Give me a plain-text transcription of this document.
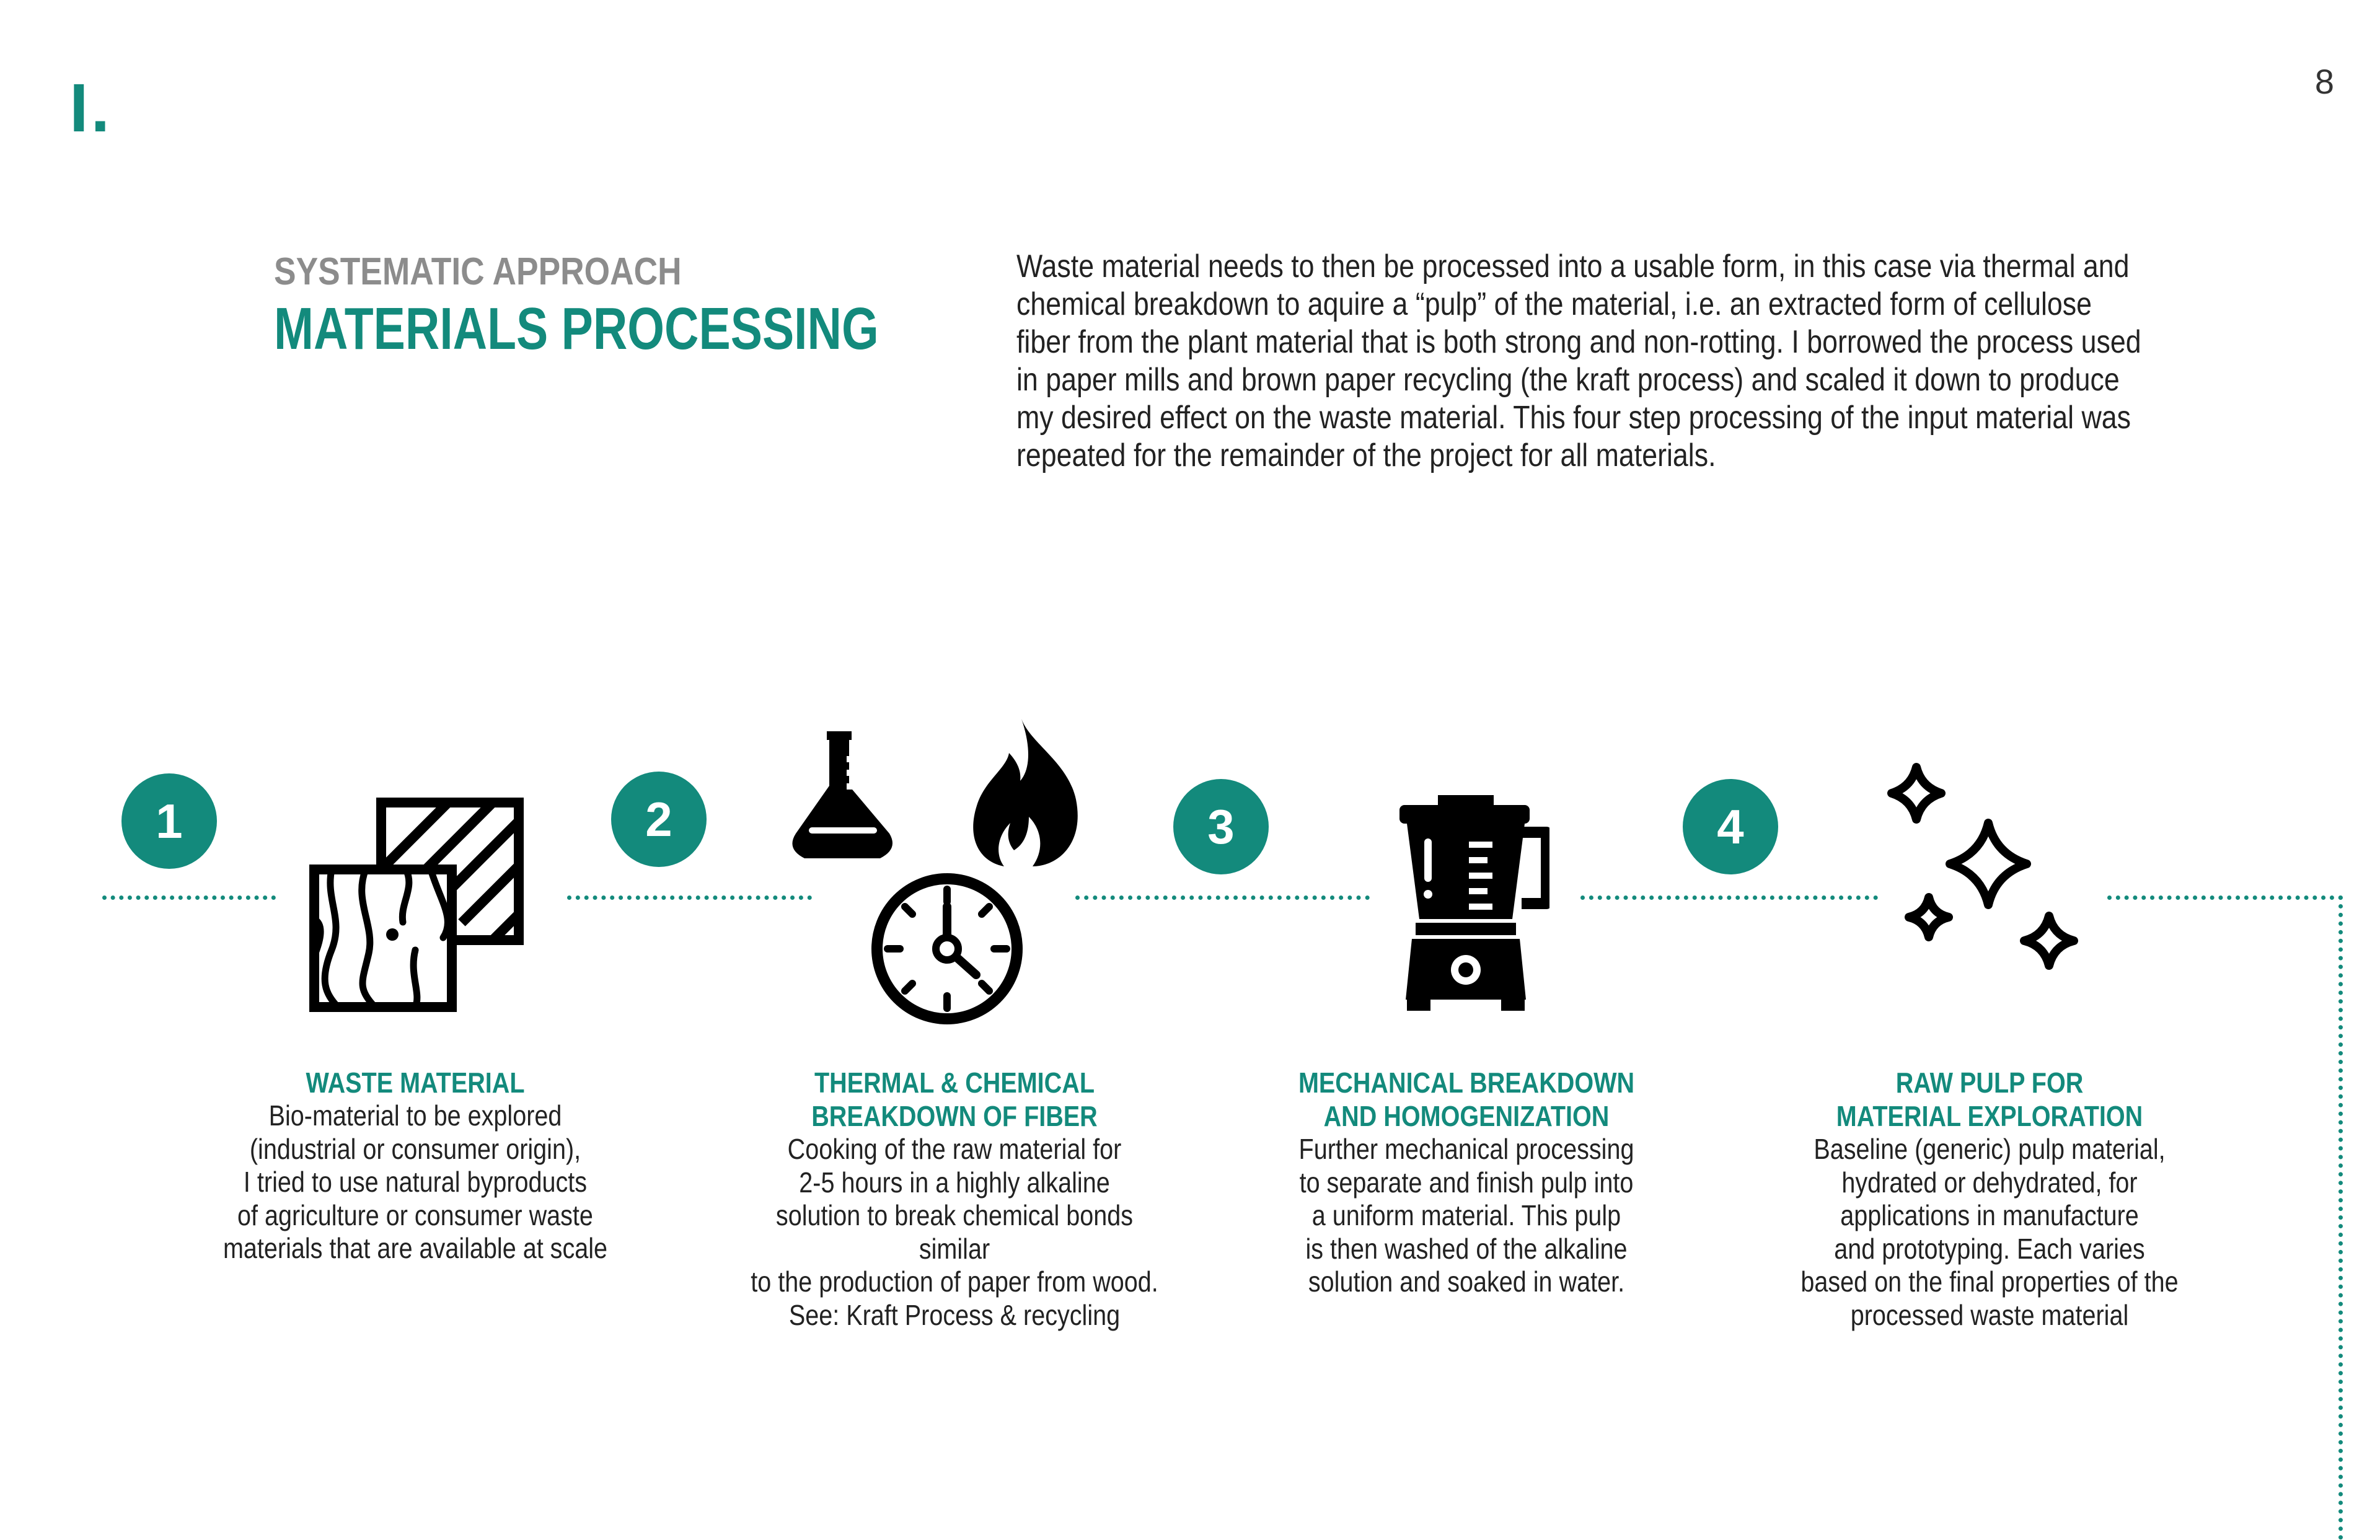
I.	8
SYSTEMATIC APPROACH
MATERIALS PROCESSING
Waste material needs to then be processed into a usable form, in this case via thermal and chemical breakdown to aquire a “pulp” of the material, i.e. an extracted form of cellulose fiber from the plant material that is both strong and non-rotting. I borrowed the process used in paper mills and brown paper recycling (the kraft process) and scaled it down to produce my desired effect on the waste material. This four step processing of the input material was repeated for the remainder of the project for all materials.
1	2	3	4
WASTE MATERIAL
Bio-material to be explored
(industrial or consumer origin),
I tried to use natural byproducts
of agriculture or consumer waste
materials that are available at scale
THERMAL & CHEMICAL
BREAKDOWN OF FIBER
Cooking of the raw material for
2-5 hours in a highly alkaline
solution to break chemical bonds similar
to the production of paper from wood.
See: Kraft Process & recycling
MECHANICAL BREAKDOWN
AND HOMOGENIZATION
Further mechanical processing
to separate and finish pulp into
a uniform material. This pulp
is then washed of the alkaline
solution and soaked in water.
RAW PULP FOR
MATERIAL EXPLORATION
Baseline (generic) pulp material,
hydrated or dehydrated, for
applications in manufacture
and prototyping. Each varies
based on the final properties of the
processed waste material
